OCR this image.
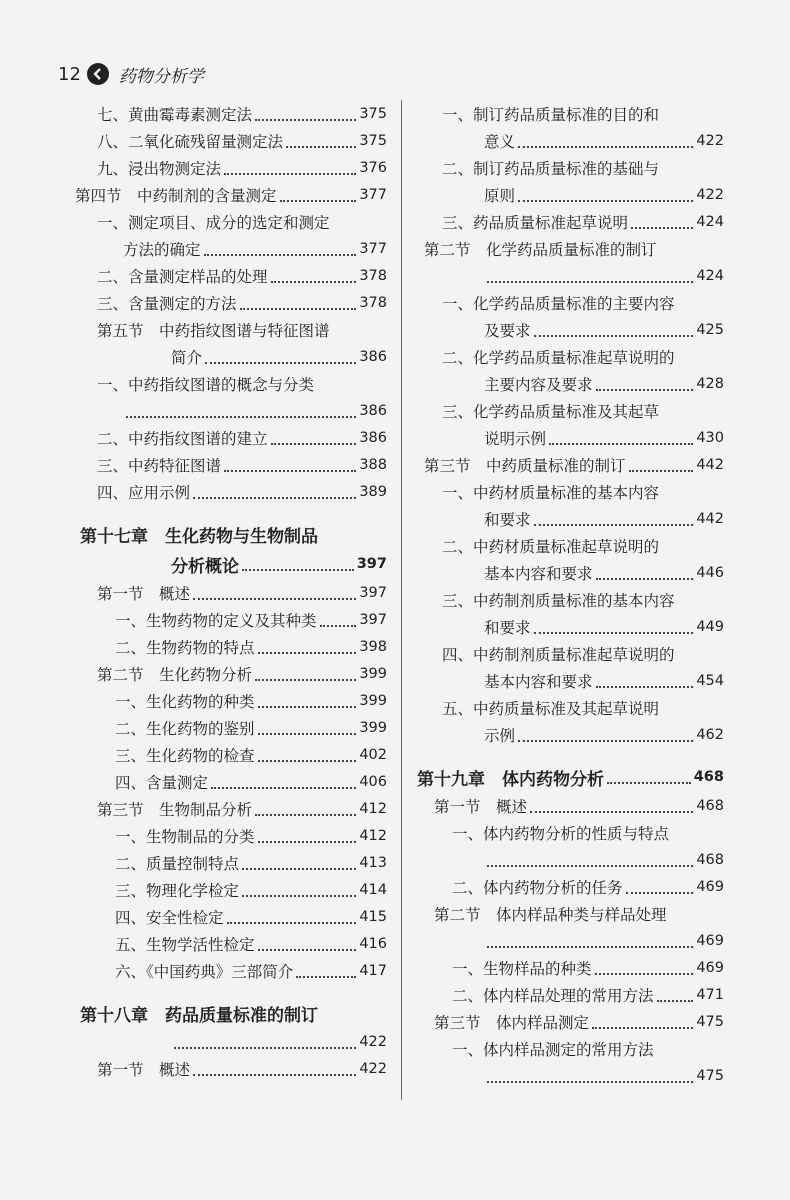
12 药物分析学
七、黄曲霉毒素测定法	375
八、二氧化硫残留量测定法	375
九、浸出物测定法	376
第四节　中药制剂的含量测定	377
一、测定项目、成分的选定和测定
方法的确定	377
二、含量测定样品的处理	378
三、含量测定的方法	378
第五节　中药指纹图谱与特征图谱
简介	386
一、中药指纹图谱的概念与分类
386
二、中药指纹图谱的建立	386
三、中药特征图谱	388
四、应用示例	389
第十七章　生化药物与生物制品
分析概论	397
第一节　概述	397
一、生物药物的定义及其种类	397
二、生物药物的特点	398
第二节　生化药物分析	399
一、生化药物的种类	399
二、生化药物的鉴别	399
三、生化药物的检查	402
四、含量测定	406
第三节　生物制品分析	412
一、生物制品的分类	412
二、质量控制特点	413
三、物理化学检定	414
四、安全性检定	415
五、生物学活性检定	416
六、《中国药典》三部简介	417
第十八章　药品质量标准的制订
422
第一节　概述	422
一、制订药品质量标准的目的和
意义	422
二、制订药品质量标准的基础与
原则	422
三、药品质量标准起草说明	424
第二节　化学药品质量标准的制订
424
一、化学药品质量标准的主要内容
及要求	425
二、化学药品质量标准起草说明的
主要内容及要求	428
三、化学药品质量标准及其起草
说明示例	430
第三节　中药质量标准的制订	442
一、中药材质量标准的基本内容
和要求	442
二、中药材质量标准起草说明的
基本内容和要求	446
三、中药制剂质量标准的基本内容
和要求	449
四、中药制剂质量标准起草说明的
基本内容和要求	454
五、中药质量标准及其起草说明
示例	462
第十九章　体内药物分析	468
第一节　概述	468
一、体内药物分析的性质与特点
468
二、体内药物分析的任务	469
第二节　体内样品种类与样品处理
469
一、生物样品的种类	469
二、体内样品处理的常用方法	471
第三节　体内样品测定	475
一、体内样品测定的常用方法
475
